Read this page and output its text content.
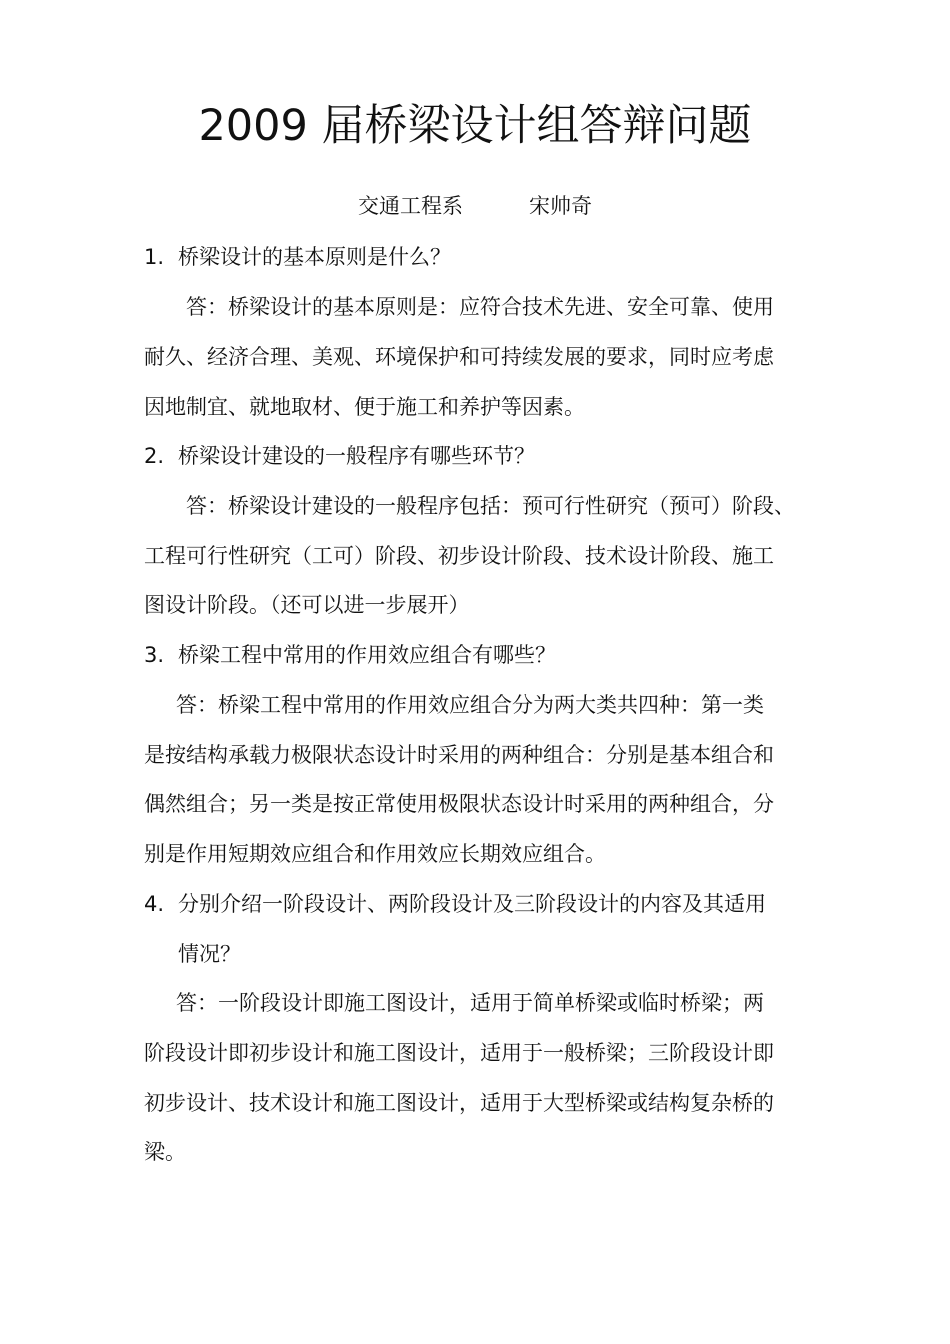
2009 届桥梁设计组答辩问题
交通工程系	宋帅奇
1. 桥梁设计的基本原则是什么？
答：桥梁设计的基本原则是：应符合技术先进、安全可靠、使用
耐久、经济合理、美观、环境保护和可持续发展的要求，同时应考虑
因地制宜、就地取材、便于施工和养护等因素。
2. 桥梁设计建设的一般程序有哪些环节？
答：桥梁设计建设的一般程序包括：预可行性研究（预可）阶段、
工程可行性研究（工可）阶段、初步设计阶段、技术设计阶段、施工
图设计阶段。（还可以进一步展开）
3. 桥梁工程中常用的作用效应组合有哪些？
答：桥梁工程中常用的作用效应组合分为两大类共四种：第一类
是按结构承载力极限状态设计时采用的两种组合：分别是基本组合和
偶然组合；另一类是按正常使用极限状态设计时采用的两种组合，分
别是作用短期效应组合和作用效应长期效应组合。
4. 分别介绍一阶段设计、两阶段设计及三阶段设计的内容及其适用
情况？
答：一阶段设计即施工图设计，适用于简单桥梁或临时桥梁；两
阶段设计即初步设计和施工图设计，适用于一般桥梁；三阶段设计即
初步设计、技术设计和施工图设计，适用于大型桥梁或结构复杂桥的
梁。
